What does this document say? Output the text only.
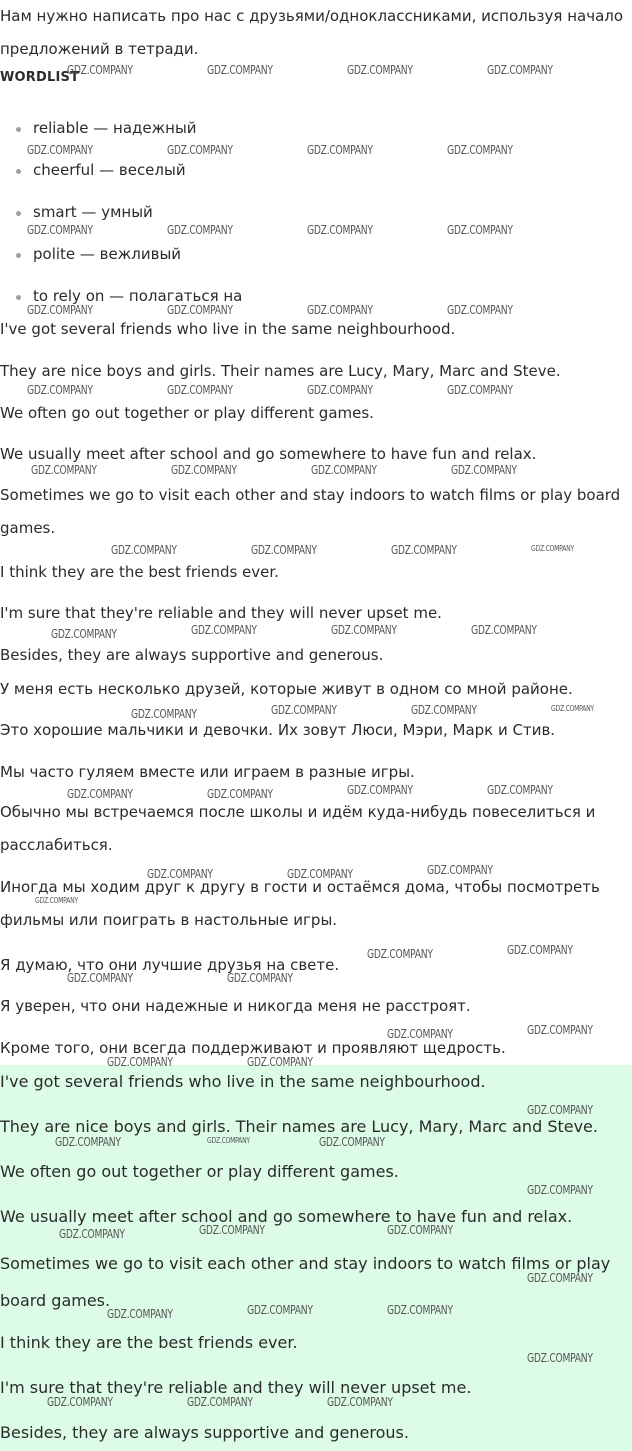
Нам нужно написать про нас с друзьями/одноклассниками, используя начало предложений в тетради.

WORDLIST
reliable — надежный
cheerful — веселый
smart — умный
polite — вежливый
to rely on — полагаться на

I've got several friends who live in the same neighbourhood.

They are nice boys and girls. Their names are Lucy, Mary, Marc and Steve.

We often go out together or play different games.

We usually meet after school and go somewhere to have fun and relax.

Sometimes we go to visit each other and stay indoors to watch films or play board games.

I think they are the best friends ever.

I'm sure that they're reliable and they will never upset me.

Besides, they are always supportive and generous.

У меня есть несколько друзей, которые живут в одном со мной районе.

Это хорошие мальчики и девочки. Их зовут Люси, Мэри, Марк и Стив.

Мы часто гуляем вместе или играем в разные игры.

Обычно мы встречаемся после школы и идём куда-нибудь повеселиться и расслабиться.

Иногда мы ходим друг к другу в гости и остаёмся дома, чтобы посмотреть фильмы или поиграть в настольные игры.

Я думаю, что они лучшие друзья на свете.

Я уверен, что они надежные и никогда меня не расстроят.

Кроме того, они всегда поддерживают и проявляют щедрость.

I've got several friends who live in the same neighbourhood.

They are nice boys and girls. Their names are Lucy, Mary, Marc and Steve.

We often go out together or play different games.

We usually meet after school and go somewhere to have fun and relax.

Sometimes we go to visit each other and stay indoors to watch films or play board games.

I think they are the best friends ever.

I'm sure that they're reliable and they will never upset me.

Besides, they are always supportive and generous.

GDZ.COMPANY	GDZ.COMPANY	GDZ.COMPANY	GDZ.COMPANY
GDZ.COMPANY	GDZ.COMPANY	GDZ.COMPANY	GDZ.COMPANY
GDZ.COMPANY	GDZ.COMPANY	GDZ.COMPANY	GDZ.COMPANY
GDZ.COMPANY	GDZ.COMPANY	GDZ.COMPANY	GDZ.COMPANY
GDZ.COMPANY	GDZ.COMPANY	GDZ.COMPANY	GDZ.COMPANY
GDZ.COMPANY	GDZ.COMPANY	GDZ.COMPANY	GDZ.COMPANY
GDZ.COMPANY	GDZ.COMPANY	GDZ.COMPANY	GDZ.COMPANY
GDZ.COMPANY	GDZ.COMPANY	GDZ.COMPANY	GDZ.COMPANY
GDZ.COMPANY	GDZ.COMPANY	GDZ.COMPANY	GDZ.COMPANY
GDZ.COMPANY	GDZ.COMPANY	GDZ.COMPANY	GDZ.COMPANY
GDZ.COMPANY	GDZ.COMPANY	GDZ.COMPANY
GDZ.COMPANY
GDZ.COMPANY	GDZ.COMPANY
GDZ.COMPANY	GDZ.COMPANY
GDZ.COMPANY	GDZ.COMPANY
GDZ.COMPANY	GDZ.COMPANY
GDZ.COMPANY
GDZ.COMPANY	GDZ.COMPANY	GDZ.COMPANY
GDZ.COMPANY
GDZ.COMPANY	GDZ.COMPANY	GDZ.COMPANY
GDZ.COMPANY
GDZ.COMPANY	GDZ.COMPANY	GDZ.COMPANY
GDZ.COMPANY
GDZ.COMPANY	GDZ.COMPANY	GDZ.COMPANY
